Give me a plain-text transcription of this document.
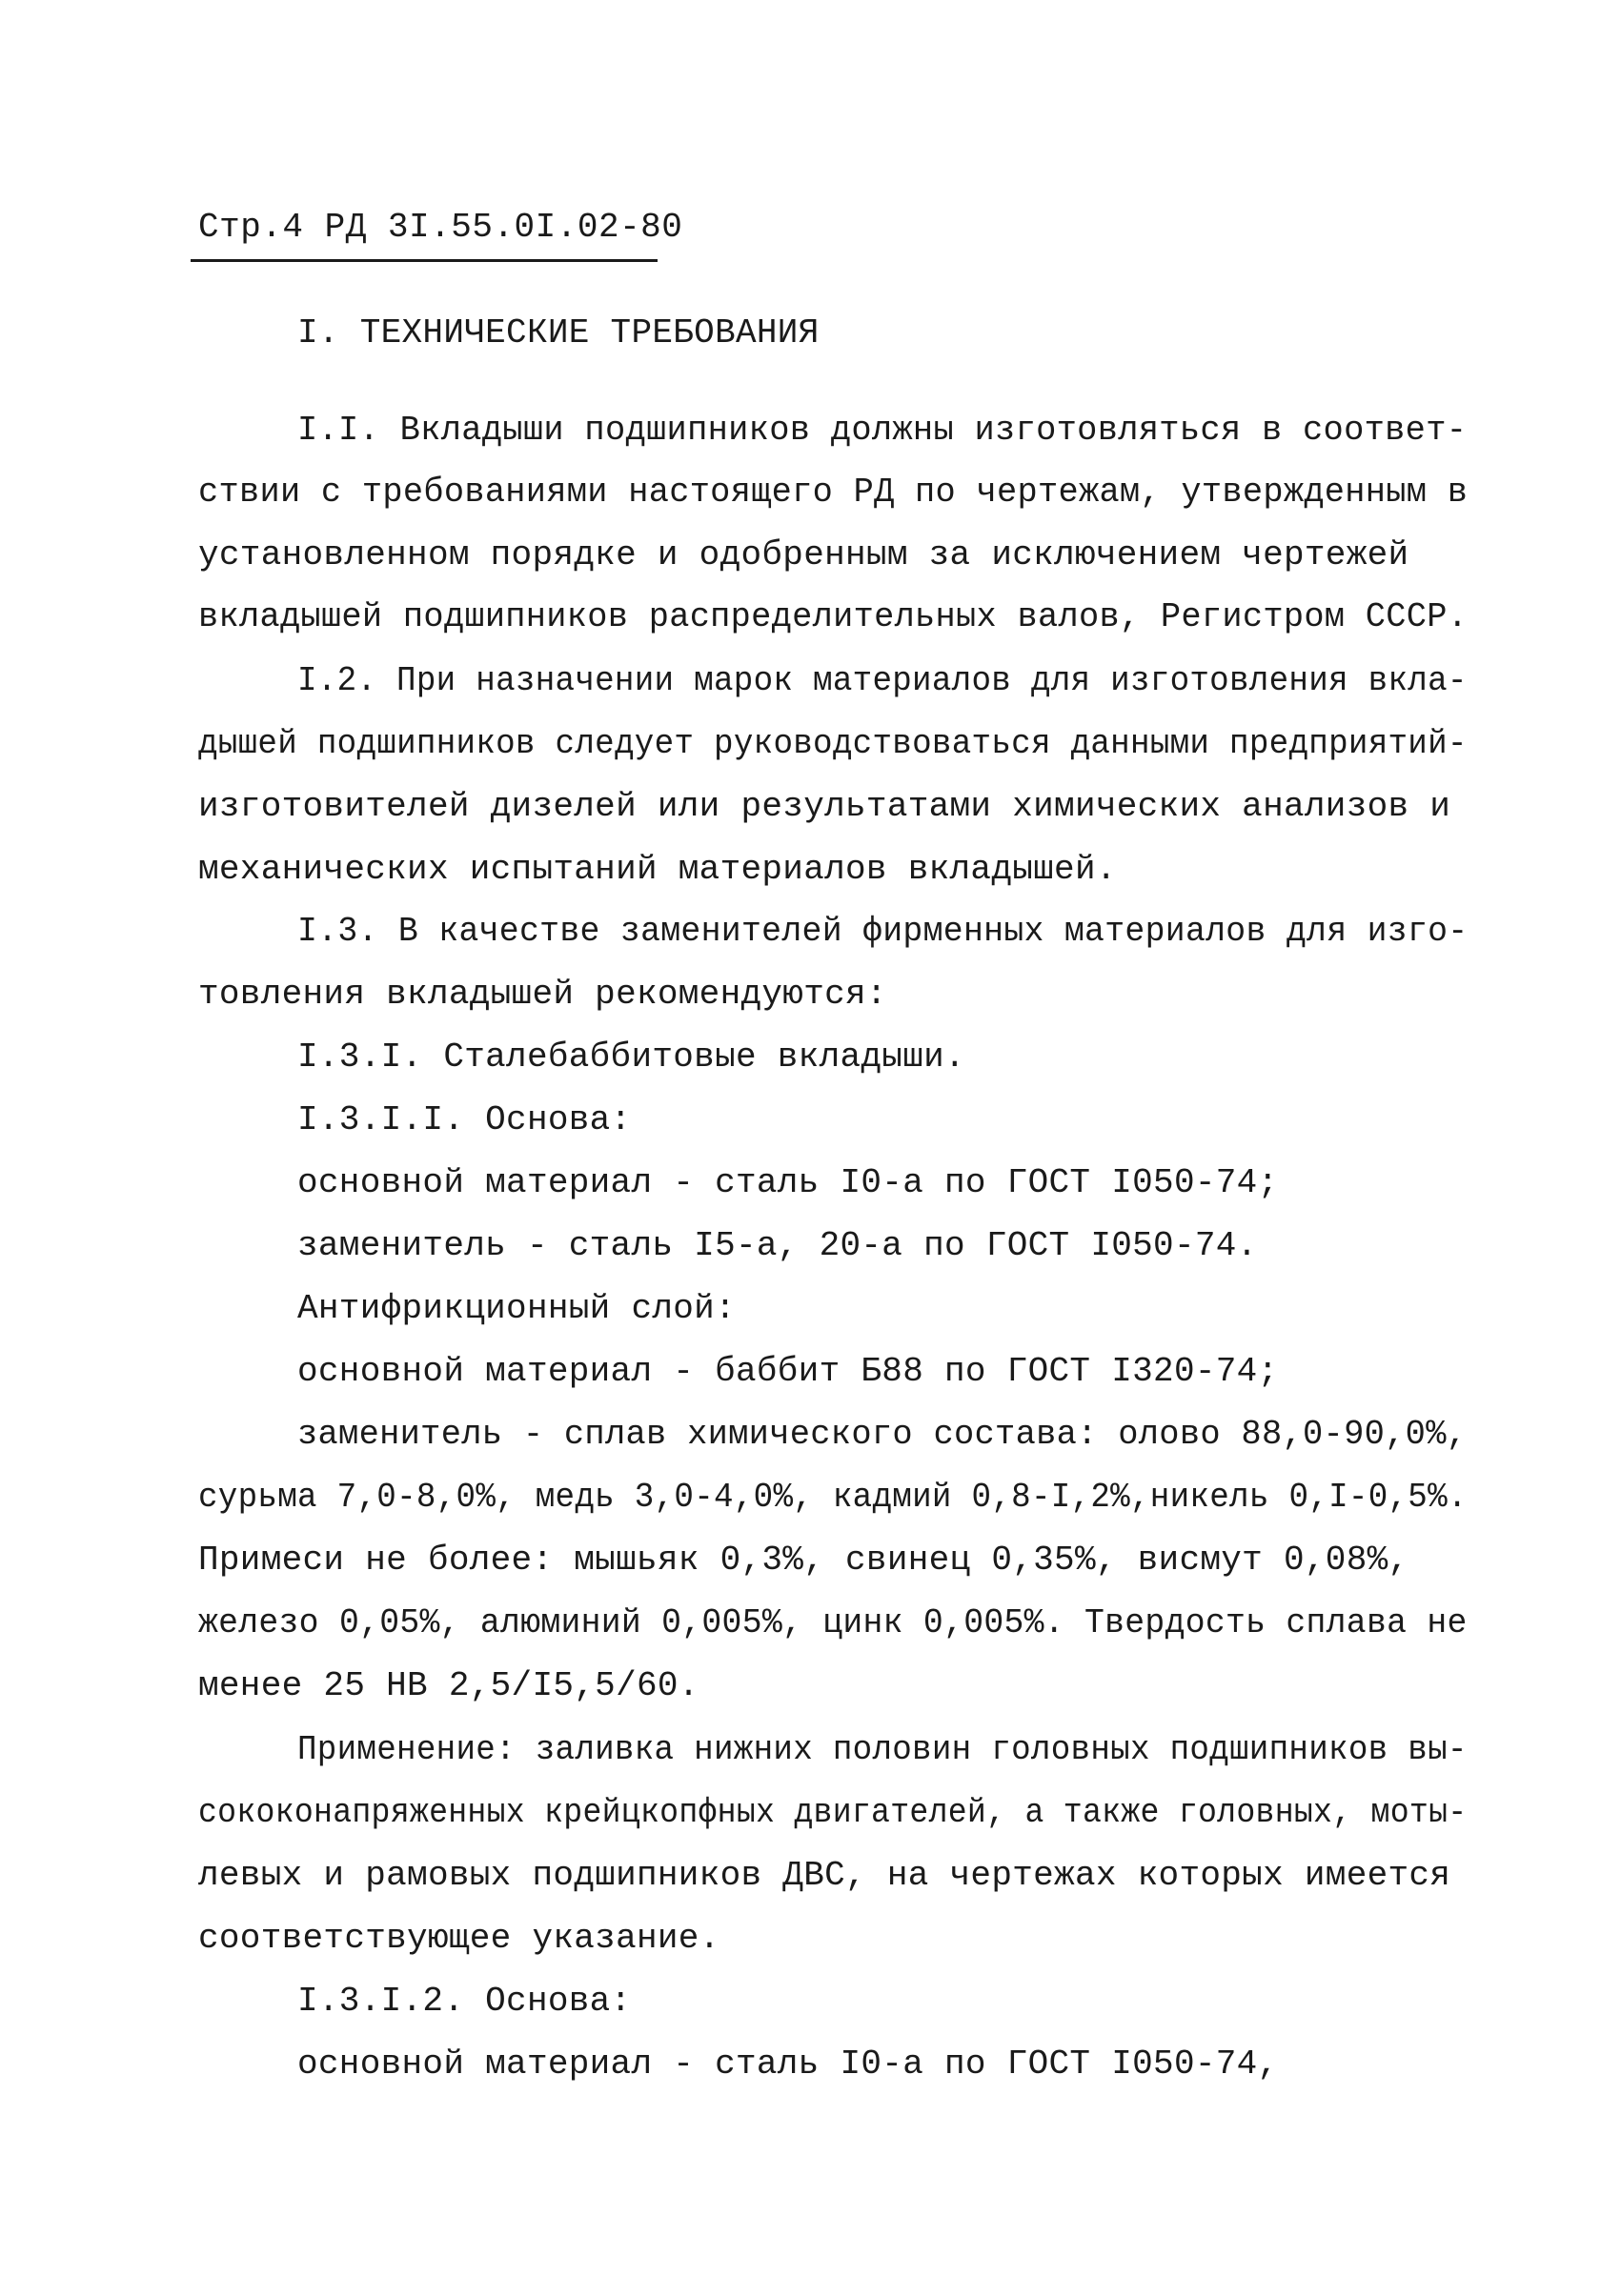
Стр.4 РД 3I.55.0I.02-80
I. ТЕХНИЧЕСКИЕ ТРЕБОВАНИЯ
I.I. Вкладыши подшипников должны изготовляться в соответ-
ствии с требованиями настоящего РД по чертежам, утвержденным в
установленном порядке и одобренным за исключением чертежей
вкладышей подшипников распределительных валов, Регистром СССР.
I.2. При назначении марок материалов для изготовления вкла-
дышей подшипников следует руководствоваться данными предприятий-
изготовителей дизелей или результатами химических анализов и
механических испытаний материалов вкладышей.
I.3. В качестве заменителей фирменных материалов для изго-
товления вкладышей рекомендуются:
I.3.I. Сталебаббитовые вкладыши.
I.3.I.I. Основа:
основной материал - сталь I0-а по ГОСТ I050-74;
заменитель - сталь I5-а, 20-а по ГОСТ I050-74.
Антифрикционный слой:
основной материал - баббит Б88 по ГОСТ I320-74;
заменитель - сплав химического состава: олово 88,0-90,0%,
сурьма 7,0-8,0%, медь 3,0-4,0%, кадмий 0,8-I,2%,никель 0,I-0,5%.
Примеси не более: мышьяк 0,3%, свинец 0,35%, висмут 0,08%,
железо 0,05%, алюминий 0,005%, цинк 0,005%. Твердость сплава не
менее 25 НВ 2,5/I5,5/60.
Применение: заливка нижних половин головных подшипников вы-
сококонапряженных крейцкопфных двигателей, а также головных, моты-
левых и рамовых подшипников ДВС, на чертежах которых имеется
соответствующее указание.
I.3.I.2. Основа:
основной материал - сталь I0-а по ГОСТ I050-74,
